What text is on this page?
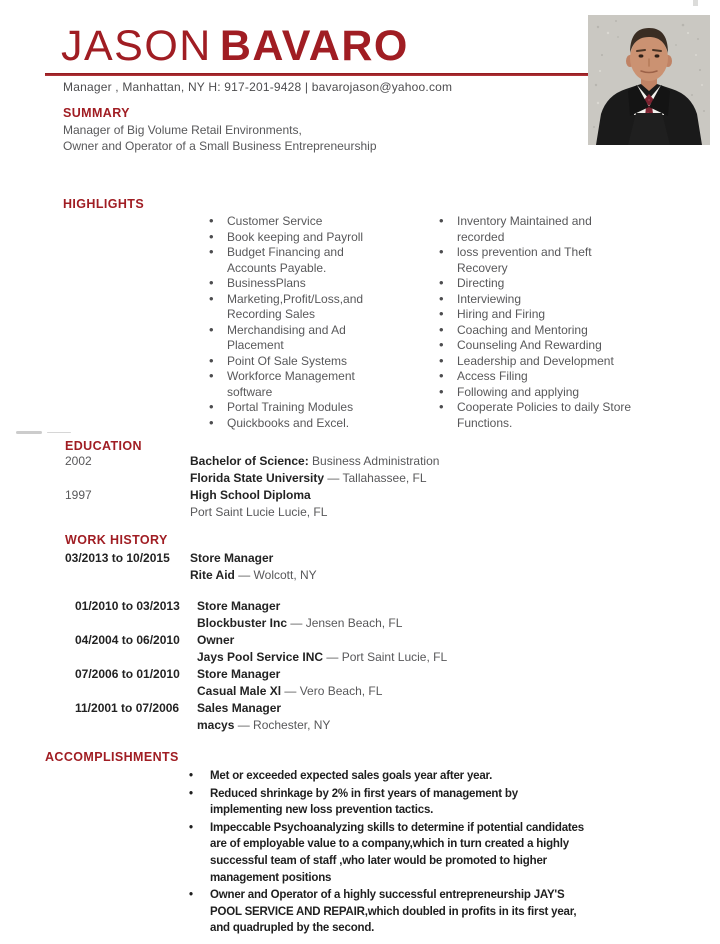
JASON BAVARO
Manager , Manhattan, NY H: 917-201-9428 | bavarojason@yahoo.com
SUMMARY
Manager of Big Volume Retail Environments,
Owner and Operator of a Small Business Entrepreneurship
HIGHLIGHTS
• Customer Service
• Book keeping and Payroll
• Budget Financing and Accounts Payable.
• BusinessPlans
• Marketing,Profit/Loss,and Recording Sales
• Merchandising and Ad Placement
• Point Of Sale Systems
• Workforce Management software
• Portal Training Modules
• Quickbooks and Excel.
• Inventory Maintained and recorded
• loss prevention and Theft Recovery
• Directing
• Interviewing
• Hiring and Firing
• Coaching and Mentoring
• Counseling And Rewarding
• Leadership and Development
• Access Filing
• Following and applying
• Cooperate Policies to daily Store Functions.
EDUCATION
2002	Bachelor of Science: Business Administration
Florida State University — Tallahassee, FL
1997	High School Diploma
Port Saint Lucie Lucie, FL
WORK HISTORY
03/2013 to 10/2015	Store Manager
Rite Aid — Wolcott, NY
01/2010 to 03/2013	Store Manager
Blockbuster Inc — Jensen Beach, FL
04/2004 to 06/2010	Owner
Jays Pool Service INC — Port Saint Lucie, FL
07/2006 to 01/2010	Store Manager
Casual Male Xl — Vero Beach, FL
11/2001 to 07/2006	Sales Manager
macys — Rochester, NY
ACCOMPLISHMENTS
• Met or exceeded expected sales goals year after year.
• Reduced shrinkage by 2% in first years of management by implementing new loss prevention tactics.
• Impeccable Psychoanalyzing skills to determine if potential candidates are of employable value to a company,which in turn created a highly successful team of staff ,who later would be promoted to higher management positions
• Owner and Operator of a highly successful entrepreneurship JAY'S POOL SERVICE AND REPAIR,which doubled in profits in its first year, and quadrupled by the second.
